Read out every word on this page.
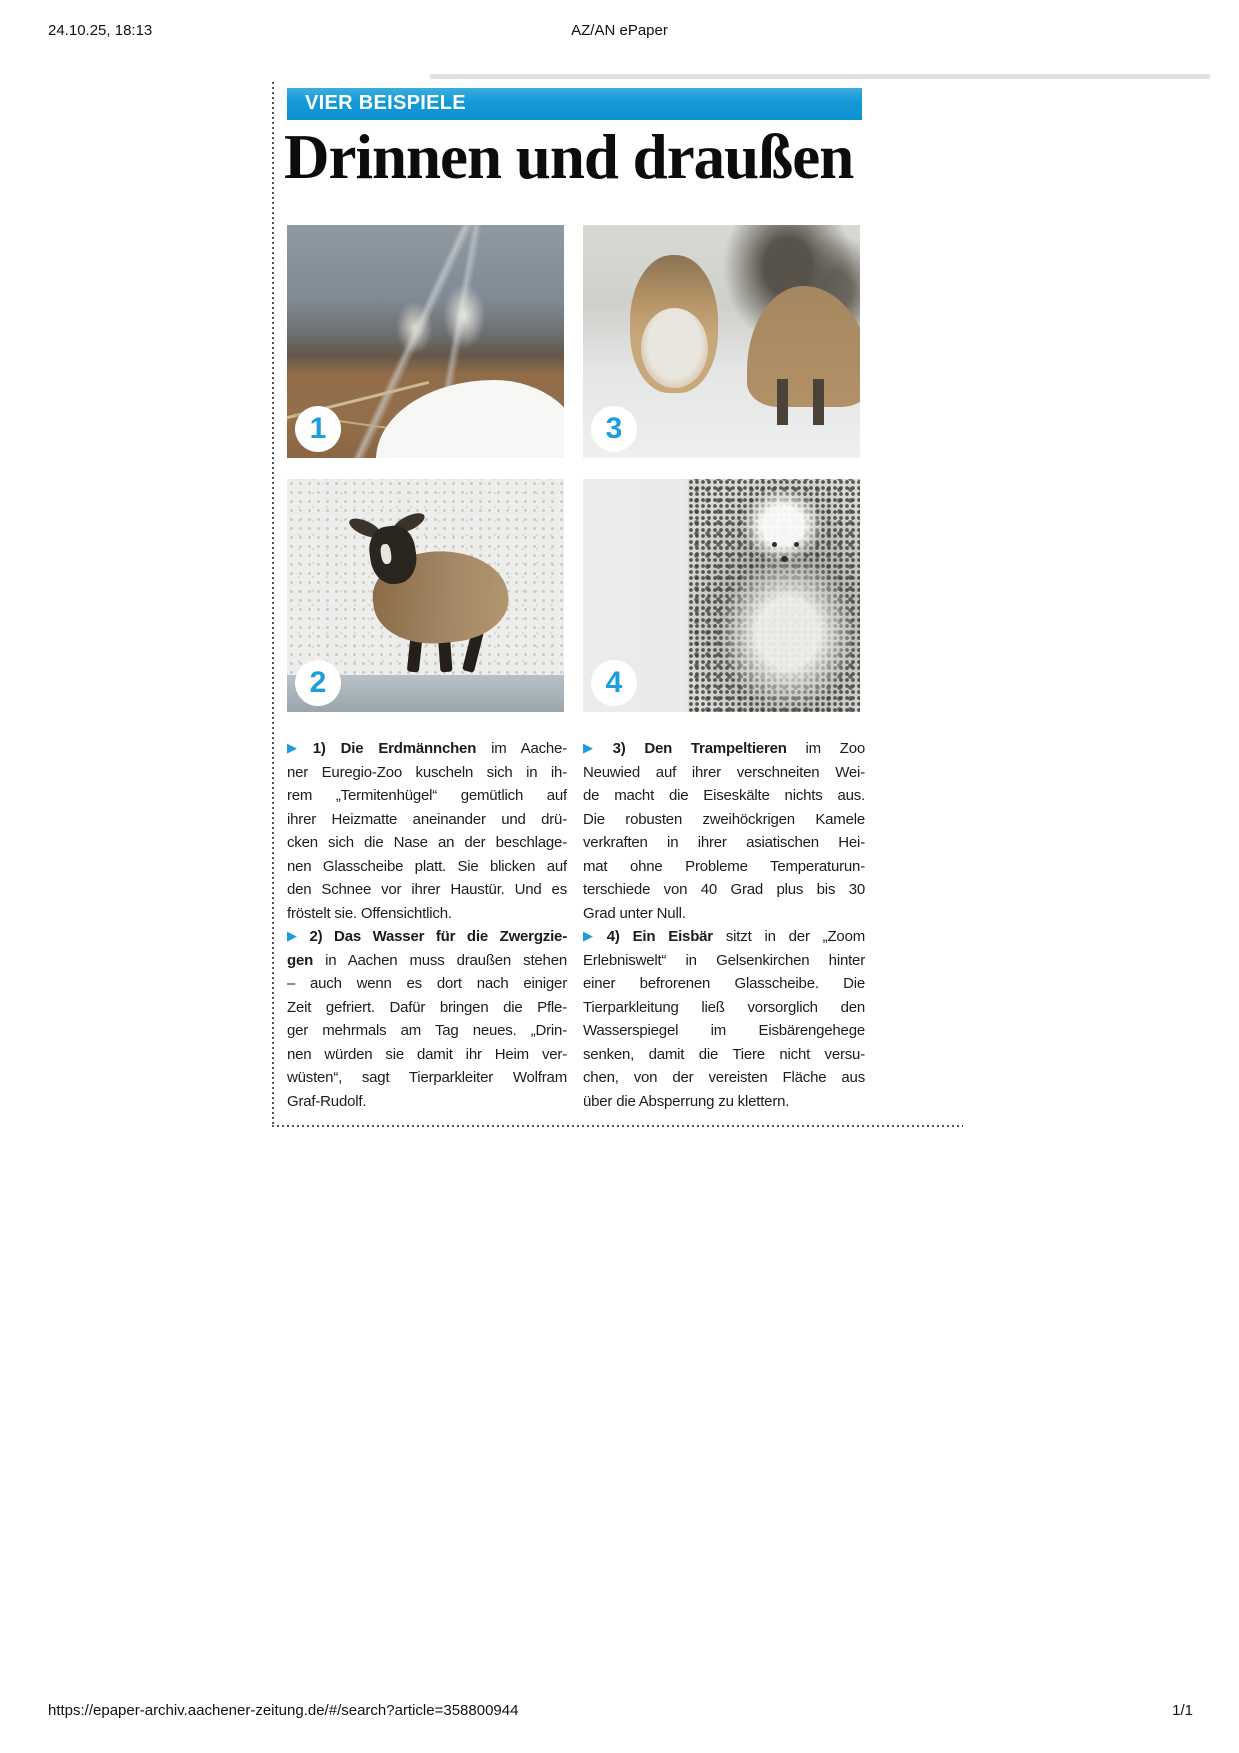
24.10.25, 18:13	AZ/AN ePaper
VIER BEISPIELE
Drinnen und draußen
1	3
2	4
▶ 1) Die Erdmännchen im Aache-
ner Euregio-Zoo kuscheln sich in ih-
rem „Termitenhügel“ gemütlich auf
ihrer Heizmatte aneinander und drü-
cken sich die Nase an der beschlage-
nen Glasscheibe platt. Sie blicken auf
den Schnee vor ihrer Haustür. Und es
fröstelt sie. Offensichtlich.
▶ 2) Das Wasser für die Zwergzie-
gen in Aachen muss draußen stehen
– auch wenn es dort nach einiger
Zeit gefriert. Dafür bringen die Pfle-
ger mehrmals am Tag neues. „Drin-
nen würden sie damit ihr Heim ver-
wüsten“, sagt Tierparkleiter Wolfram
Graf-Rudolf.
▶ 3) Den Trampeltieren im Zoo
Neuwied auf ihrer verschneiten Wei-
de macht die Eiseskälte nichts aus.
Die robusten zweihöckrigen Kamele
verkraften in ihrer asiatischen Hei-
mat ohne Probleme Temperaturun-
terschiede von 40 Grad plus bis 30
Grad unter Null.
▶ 4) Ein Eisbär sitzt in der „Zoom
Erlebniswelt“ in Gelsenkirchen hinter
einer befrorenen Glasscheibe. Die
Tierparkleitung ließ vorsorglich den
Wasserspiegel im Eisbärengehege
senken, damit die Tiere nicht versu-
chen, von der vereisten Fläche aus
über die Absperrung zu klettern.
https://epaper-archiv.aachener-zeitung.de/#/search?article=358800944	1/1
